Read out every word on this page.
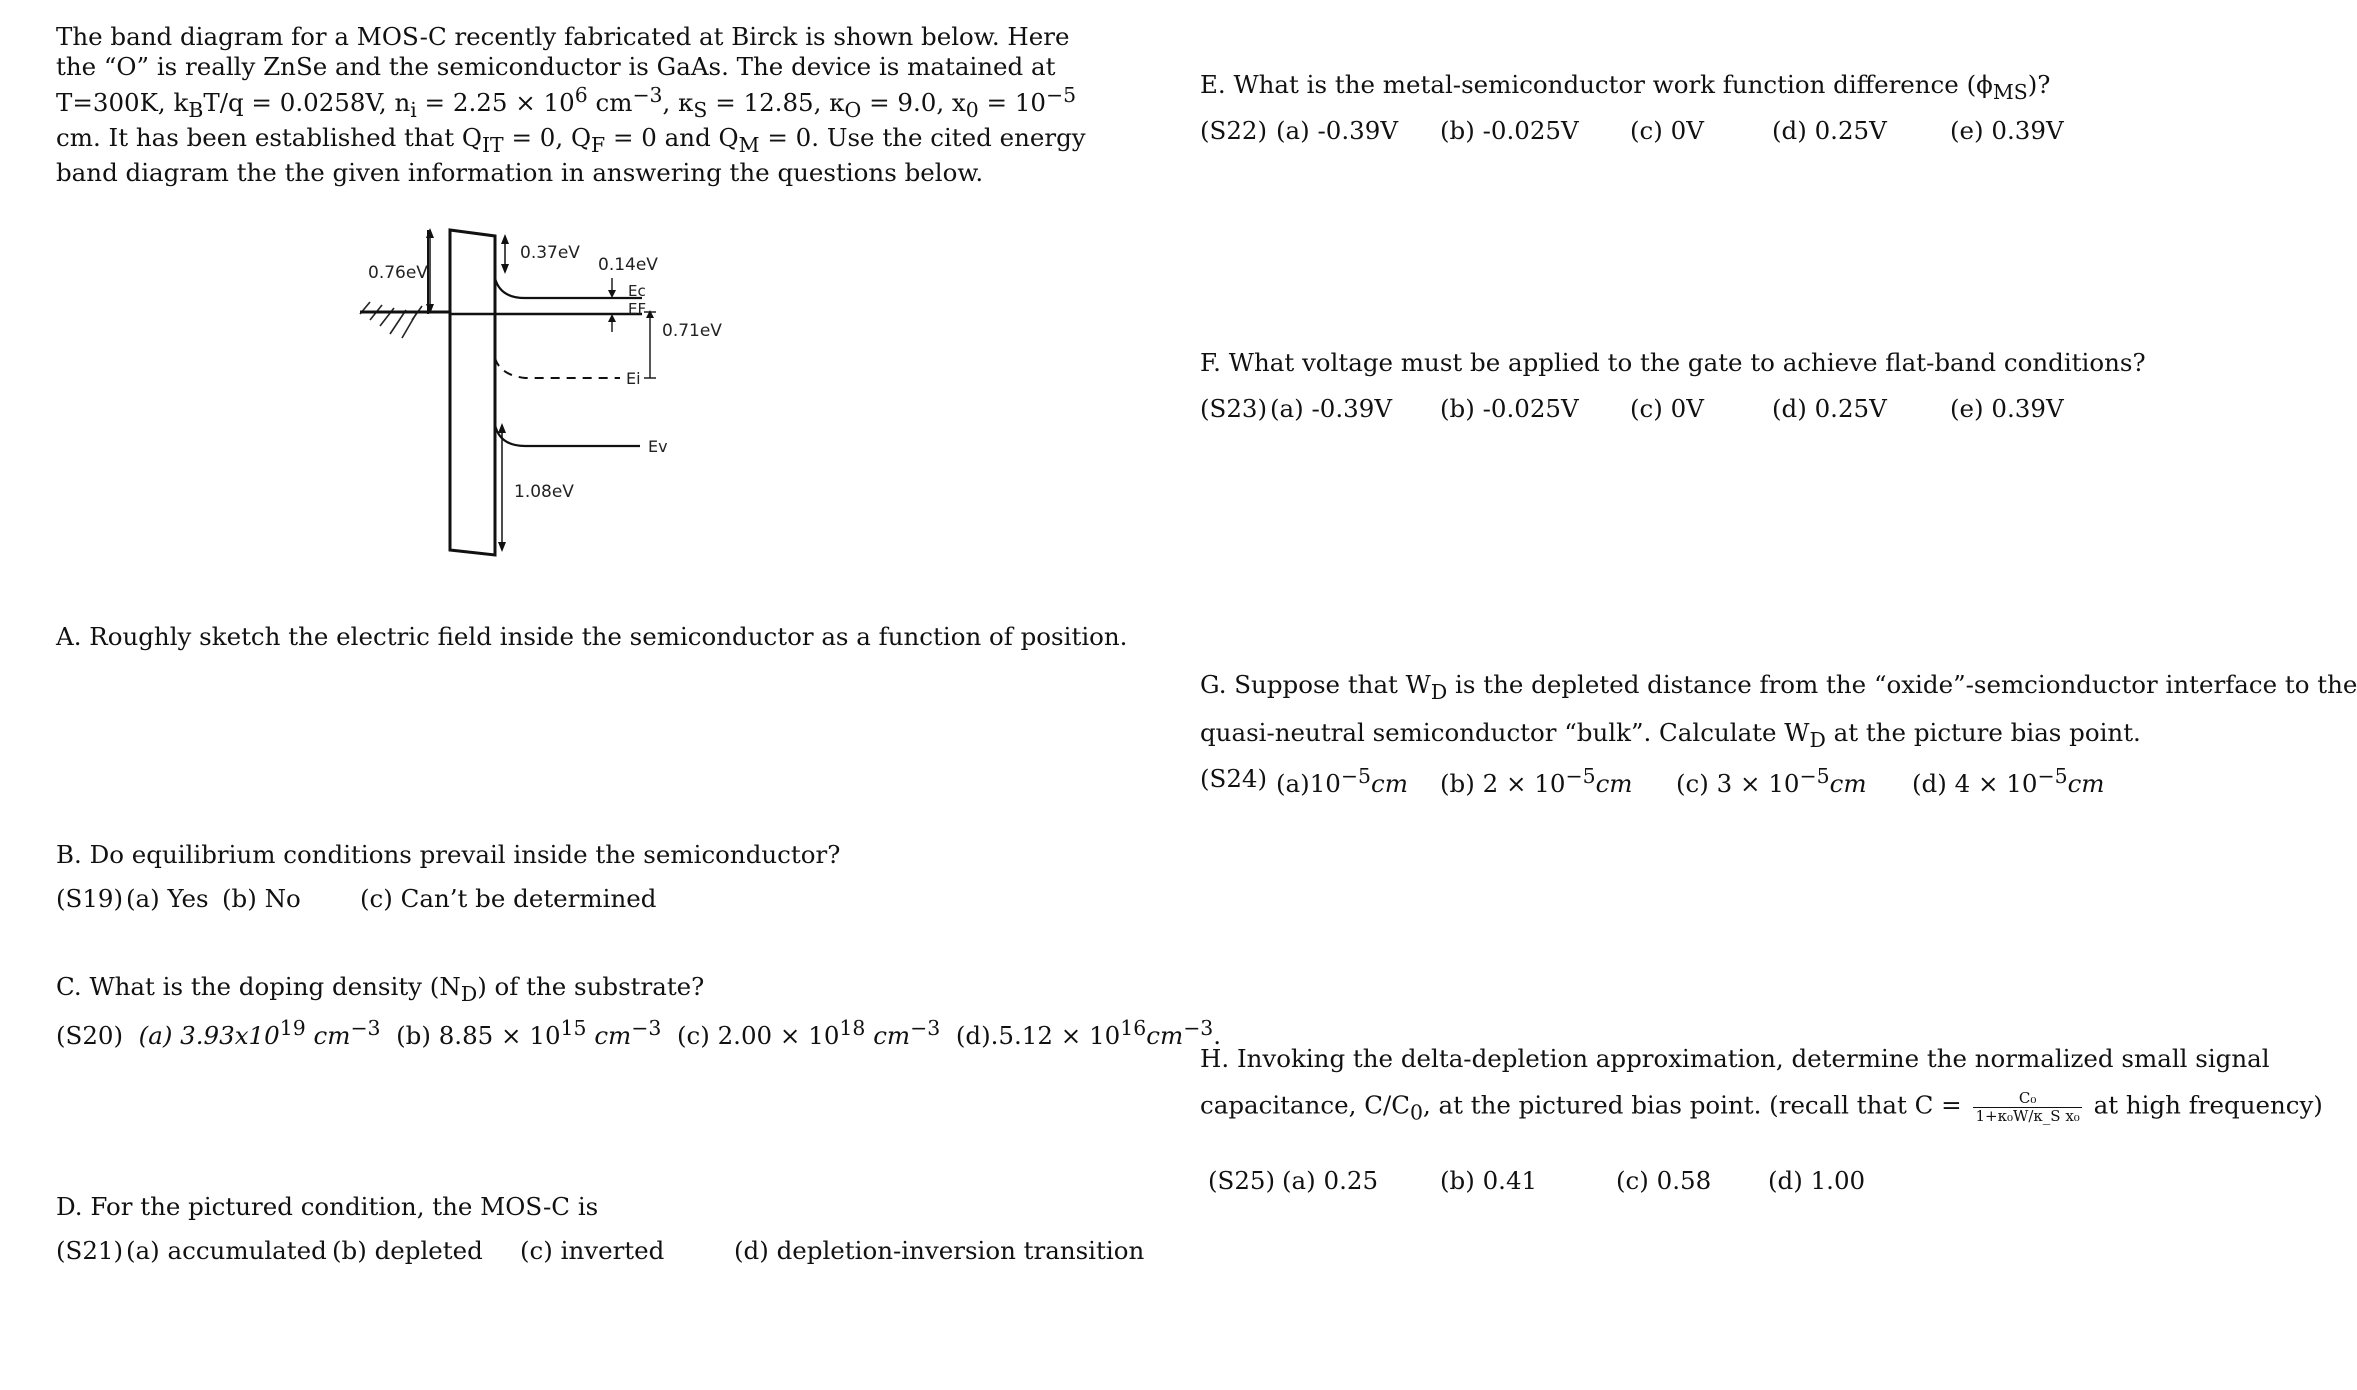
The band diagram for a MOS-C recently fabricated at Birck is shown below. Here the “O” is really ZnSe and the semiconductor is GaAs. The device is matained at T=300K, $k_BT/q = 0.0258V$, $n_i = 2.25 \times 10^6$ $cm^{-3}$, $\kappa_S = 12.85$, $\kappa_O = 9.0$, $x_0 = 10^{-5}$ cm. It has been established that $Q_{IT} = 0$, $Q_F = 0$ and $Q_M = 0$. Use the cited energy band diagram the the given information in answering the questions below.
0.76eV
0.37eV
0.14eV
Ec
EF
Ei
0.71eV
Ev
1.08eV
A. Roughly sketch the electric field inside the semiconductor as a function of position.
B. Do equilibrium conditions prevail inside the semiconductor?
(S19) (a) Yes (b) No (c) Can’t be determined
C. What is the doping density $(N_D)$ of the substrate?
(S20) (a) $3.93x10^{19}$ $cm^{-3}$ (b) $8.85 \times 10^{15}$ $cm^{-3}$ (c) $2.00 \times 10^{18}$ $cm^{-3}$ $(d).5.12 \times 10^{16}cm^{-3}$.
D. For the pictured condition, the MOS-C is
(S21) (a) accumulated (b) depleted (c) inverted	(d) depletion-inversion transition
E. What is the metal-semiconductor work function difference $(\phi_{MS})$?
(S22) (a) -0.39V (b) -0.025V (c) 0V	(d) 0.25V	(e) 0.39V
F. What voltage must be applied to the gate to achieve flat-band conditions?
(S23) (a) -0.39V (b) -0.025V (c) 0V	(d) 0.25V	(e) 0.39V
G. Suppose that $W_D$ is the depleted distance from the “oxide”-semcionductor interface to the
quasi-neutral semiconductor “bulk”. Calculate $W_D$ at the picture bias point.
(S24) $(a)10^{-5}cm$ (b) $2 \times 10^{-5}cm$ (c) $3 \times 10^{-5}cm$ (d) $4 \times 10^{-5}cm$
H. Invoking the delta-depletion approximation, determine the normalized small signal
capacitance, $C/C_0$, at the pictured bias point. (recall that $C = \frac{\text{C₀}}{\text{1+κ₀W/κ\_S x₀}}$ at high frequency)
(S25) (a) 0.25	(b) 0.41	(c) 0.58 (d) 1.00
